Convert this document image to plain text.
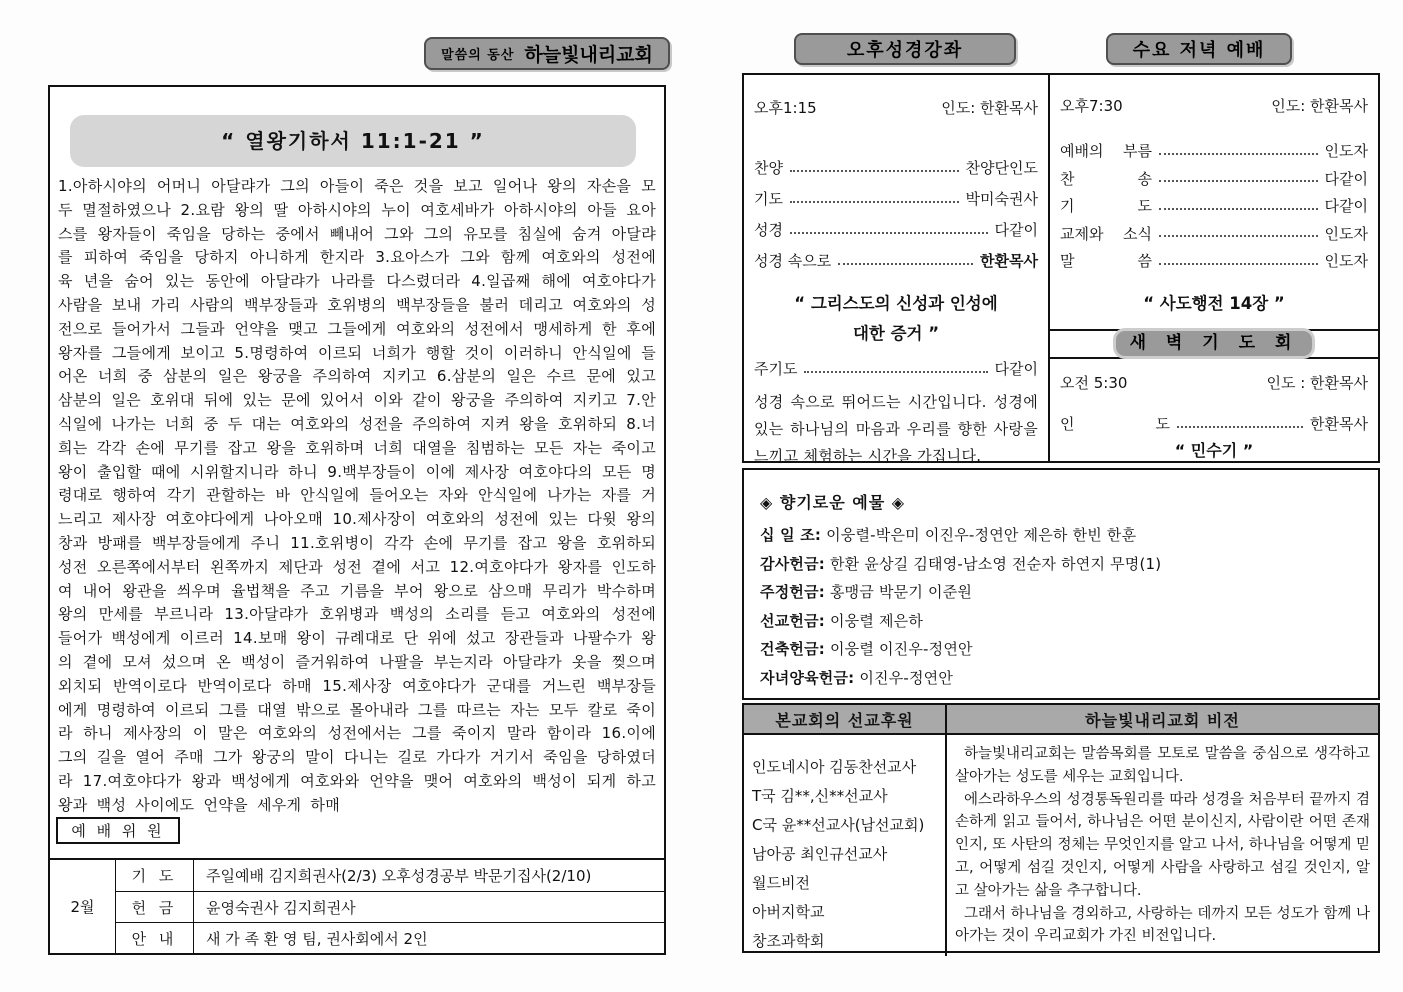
말씀의 동산 하늘빛내리교회
“ 열왕기하서 11:1-21 ”
1.아하시야의 어머니 아달랴가 그의 아들이 죽은 것을 보고 일어나 왕의 자손을 모두 멸절하였으나 2.요람 왕의 딸 아하시야의 누이 여호세바가 아하시야의 아들 요아스를 왕자들이 죽임을 당하는 중에서 빼내어 그와 그의 유모를 침실에 숨겨 아달랴를 피하여 죽임을 당하지 아니하게 한지라 3.요아스가 그와 함께 여호와의 성전에 육 년을 숨어 있는 동안에 아달랴가 나라를 다스렸더라 4.일곱째 해에 여호야다가 사람을 보내 가리 사람의 백부장들과 호위병의 백부장들을 불러 데리고 여호와의 성전으로 들어가서 그들과 언약을 맺고 그들에게 여호와의 성전에서 맹세하게 한 후에 왕자를 그들에게 보이고 5.명령하여 이르되 너희가 행할 것이 이러하니 안식일에 들어온 너희 중 삼분의 일은 왕궁을 주의하여 지키고 6.삼분의 일은 수르 문에 있고 삼분의 일은 호위대 뒤에 있는 문에 있어서 이와 같이 왕궁을 주의하여 지키고 7.안식일에 나가는 너희 중 두 대는 여호와의 성전을 주의하여 지켜 왕을 호위하되 8.너희는 각각 손에 무기를 잡고 왕을 호위하며 너희 대열을 침범하는 모든 자는 죽이고 왕이 출입할 때에 시위할지니라 하니 9.백부장들이 이에 제사장 여호야다의 모든 명령대로 행하여 각기 관할하는 바 안식일에 들어오는 자와 안식일에 나가는 자를 거느리고 제사장 여호야다에게 나아오매 10.제사장이 여호와의 성전에 있는 다윗 왕의 창과 방패를 백부장들에게 주니 11.호위병이 각각 손에 무기를 잡고 왕을 호위하되 성전 오른쪽에서부터 왼쪽까지 제단과 성전 곁에 서고 12.여호야다가 왕자를 인도하여 내어 왕관을 씌우며 율법책을 주고 기름을 부어 왕으로 삼으매 무리가 박수하며 왕의 만세를 부르니라 13.아달랴가 호위병과 백성의 소리를 듣고 여호와의 성전에 들어가 백성에게 이르러 14.보매 왕이 규례대로 단 위에 섰고 장관들과 나팔수가 왕의 곁에 모셔 섰으며 온 백성이 즐거워하여 나팔을 부는지라 아달랴가 옷을 찢으며 외치되 반역이로다 반역이로다 하매 15.제사장 여호야다가 군대를 거느린 백부장들에게 명령하여 이르되 그를 대열 밖으로 몰아내라 그를 따르는 자는 모두 칼로 죽이라 하니 제사장의 이 말은 여호와의 성전에서는 그를 죽이지 말라 함이라 16.이에 그의 길을 열어 주매 그가 왕궁의 말이 다니는 길로 가다가 거기서 죽임을 당하였더라 17.여호야다가 왕과 백성에게 여호와와 언약을 맺어 여호와의 백성이 되게 하고 왕과 백성 사이에도 언약을 세우게 하매
예 배 위 원
2월
기 도	주일예배 김지희권사(2/3) 오후성경공부 박문기집사(2/10)
헌 금	윤영숙권사 김지희권사
안 내	새 가 족 환 영 팀, 권사회에서 2인
오후성경강좌	수요 저녁 예배
오후1:15	인도: 한환목사
찬양	찬양단인도
기도	박미숙권사
성경	다같이
성경 속으로	한환목사
“ 그리스도의 신성과 인성에
대한 증거 ”
주기도	다같이
성경 속으로 뛰어드는 시간입니다. 성경에 있는 하나님의 마음과 우리를 향한 사랑을 느끼고 체험하는 시간을 가집니다.
오후7:30	인도: 한환목사
예배의 부름	인도자
찬 송	다같이
기 도	다같이
교제와 소식	인도자
말 씀	인도자
“ 사도행전 14장 ”
새 벽 기 도 회
오전 5:30	인도 : 한환목사
인 도	한환목사
“ 민수기 ”
◈ 향기로운 예물 ◈
십 일 조: 이웅렬-박은미 이진우-정연안 제은하 한빈 한훈
감사헌금: 한환 윤상길 김태영-남소영 전순자 하연지 무명(1)
주정헌금: 홍맹금 박문기 이준원
선교헌금: 이웅렬 제은하
건축헌금: 이웅렬 이진우-정연안
자녀양육헌금: 이진우-정연안
본교회의 선교후원	하늘빛내리교회 비전
인도네시아 김동찬선교사
T국 김**,신**선교사
C국 윤**선교사(남선교회)
남아공 최인규선교사
월드비전
아버지학교
창조과학회
하늘빛내리교회는 말씀목회를 모토로 말씀을 중심으로 생각하고 살아가는 성도를 세우는 교회입니다.
에스라하우스의 성경통독원리를 따라 성경을 처음부터 끝까지 겸손하게 읽고 들어서, 하나님은 어떤 분이신지, 사람이란 어떤 존재인지, 또 사탄의 정체는 무엇인지를 알고 나서, 하나님을 어떻게 믿고, 어떻게 섬길 것인지, 어떻게 사람을 사랑하고 섬길 것인지, 알고 살아가는 삶을 추구합니다.
그래서 하나님을 경외하고, 사랑하는 데까지 모든 성도가 함께 나아가는 것이 우리교회가 가진 비전입니다.
